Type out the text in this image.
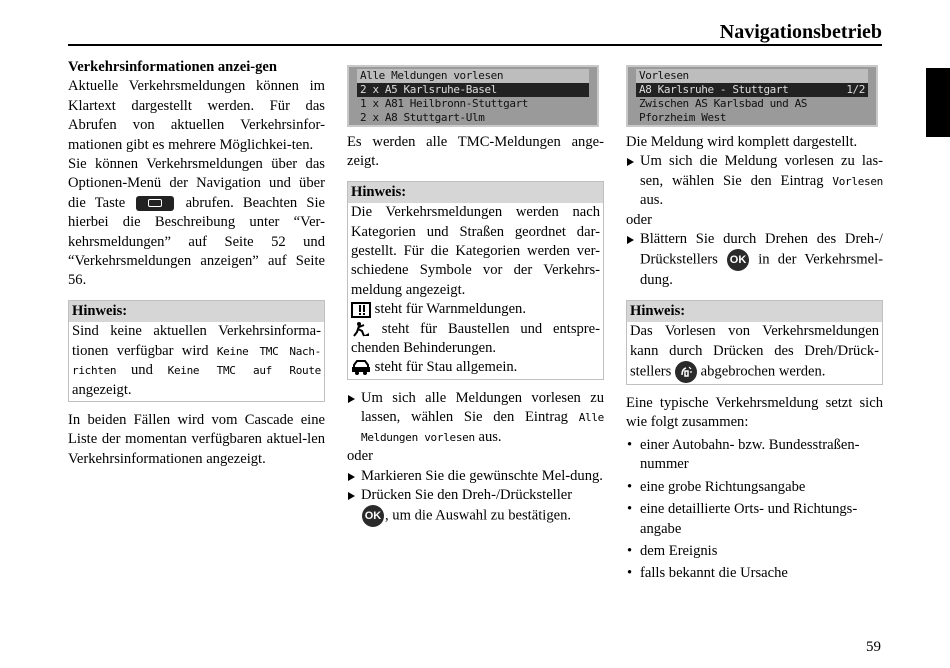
Navigationsbetrieb

Verkehrsinformationen anzei-gen

Aktuelle Verkehrsmeldungen können im Klartext dargestellt werden. Für das Abrufen von aktuellen Verkehrsinfor-mationen gibt es mehrere Möglichkei-ten.

Sie können Verkehrsmeldungen über das Optionen-Menü der Navigation und über die Taste	abrufen. Beachten Sie hierbei die Beschreibung unter “Ver-kehrsmeldungen” auf Seite 52 und “Verkehrsmeldungen anzeigen” auf Seite 56.

Hinweis:
Sind keine aktuellen Verkehrsinforma-tionen verfügbar wird Keine TMC Nach-richten und Keine TMC auf Route angezeigt.

In beiden Fällen wird vom Cascade eine Liste der momentan verfügbaren aktuel-len Verkehrsinformationen angezeigt.

Alle Meldungen vorlesen
2 x A5 Karlsruhe-Basel
1 x A81 Heilbronn-Stuttgart
2 x A8 Stuttgart-Ulm

Es werden alle TMC-Meldungen ange-zeigt.

Hinweis:
Die Verkehrsmeldungen werden nach Kategorien und Straßen geordnet dar-gestellt. Für die Kategorien werden ver-schiedene Symbole vor der Verkehrs-meldung angezeigt.
steht für Warnmeldungen.
steht für Baustellen und entspre-chenden Behinderungen.
steht für Stau allgemein.

Um sich alle Meldungen vorlesen zu lassen, wählen Sie den Eintrag Alle Meldungen vorlesen aus.

oder

Markieren Sie die gewünschte Mel-dung.

Drücken Sie den Dreh-/Drücksteller
OK , um die Auswahl zu bestätigen.

Vorlesen
A8 Karlsruhe - Stuttgart	1/2
Zwischen AS Karlsbad und AS
Pforzheim West

Die Meldung wird komplett dargestellt.

Um sich die Meldung vorlesen zu las-sen, wählen Sie den Eintrag Vorlesen aus.

oder

Blättern Sie durch Drehen des Dreh-/ Drückstellers OK in der Verkehrsmel-dung.

Hinweis:
Das Vorlesen von Verkehrsmeldungen kann durch Drücken des Dreh/Drück-stellers abgebrochen werden.

Eine typische Verkehrsmeldung setzt sich wie folgt zusammen:

• einer Autobahn- bzw. Bundesstraßen-nummer

• eine grobe Richtungsangabe

• eine detaillierte Orts- und Richtungs-angabe

• dem Ereignis

• falls bekannt die Ursache

59
